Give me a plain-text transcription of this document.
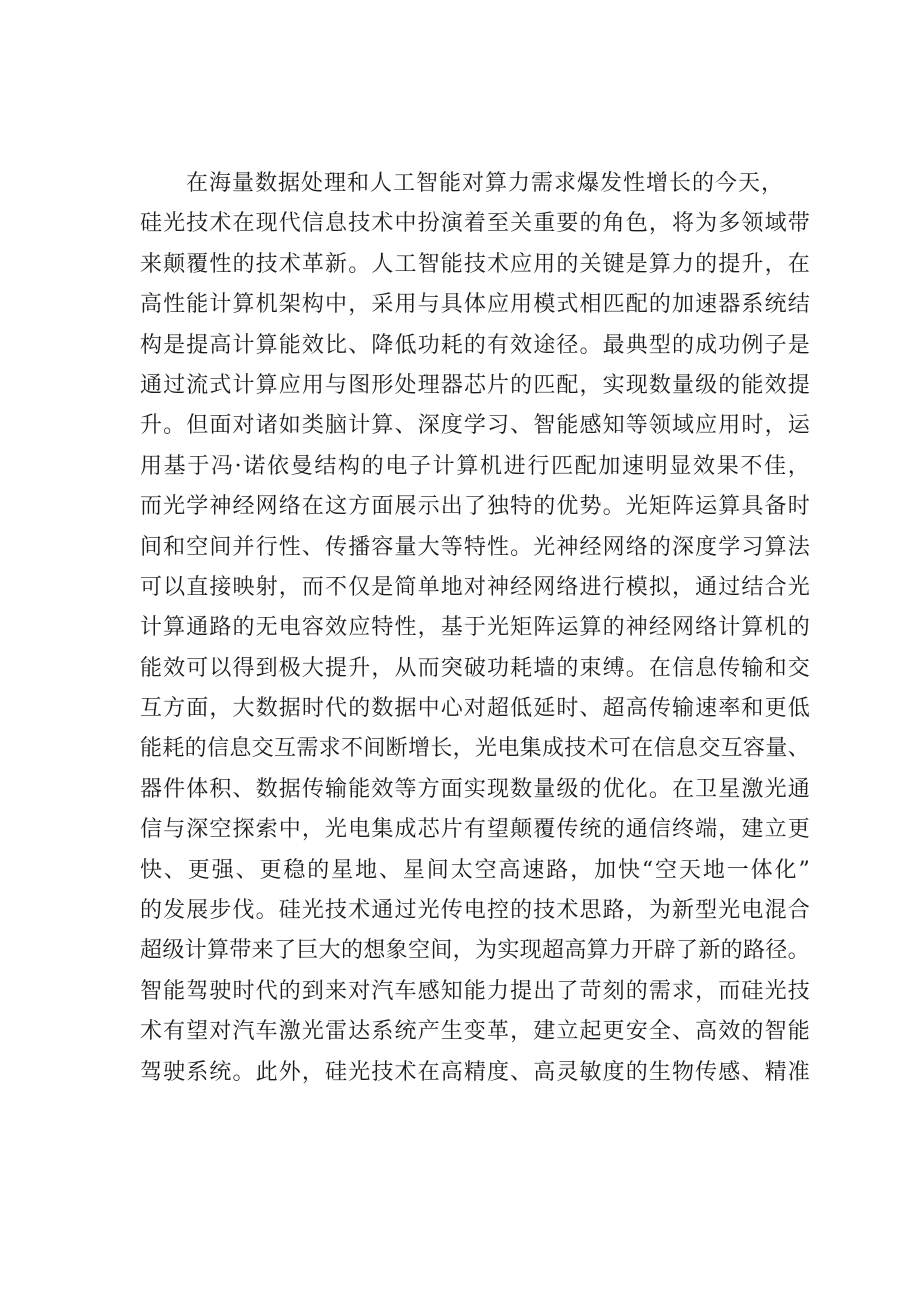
在海量数据处理和人工智能对算力需求爆发性增长的今天，
硅光技术在现代信息技术中扮演着至关重要的角色，将为多领域带
来颠覆性的技术革新。人工智能技术应用的关键是算力的提升，在
高性能计算机架构中，采用与具体应用模式相匹配的加速器系统结
构是提高计算能效比、降低功耗的有效途径。最典型的成功例子是
通过流式计算应用与图形处理器芯片的匹配，实现数量级的能效提
升。但面对诸如类脑计算、深度学习、智能感知等领域应用时，运
用基于冯·诺依曼结构的电子计算机进行匹配加速明显效果不佳，
而光学神经网络在这方面展示出了独特的优势。光矩阵运算具备时
间和空间并行性、传播容量大等特性。光神经网络的深度学习算法
可以直接映射，而不仅是简单地对神经网络进行模拟，通过结合光
计算通路的无电容效应特性，基于光矩阵运算的神经网络计算机的
能效可以得到极大提升，从而突破功耗墙的束缚。在信息传输和交
互方面，大数据时代的数据中心对超低延时、超高传输速率和更低
能耗的信息交互需求不间断增长，光电集成技术可在信息交互容量、
器件体积、数据传输能效等方面实现数量级的优化。在卫星激光通
信与深空探索中，光电集成芯片有望颠覆传统的通信终端，建立更
快、更强、更稳的星地、星间太空高速路，加快“空天地一体化”
的发展步伐。硅光技术通过光传电控的技术思路，为新型光电混合
超级计算带来了巨大的想象空间，为实现超高算力开辟了新的路径。
智能驾驶时代的到来对汽车感知能力提出了苛刻的需求，而硅光技
术有望对汽车激光雷达系统产生变革，建立起更安全、高效的智能
驾驶系统。此外，硅光技术在高精度、高灵敏度的生物传感、精准
